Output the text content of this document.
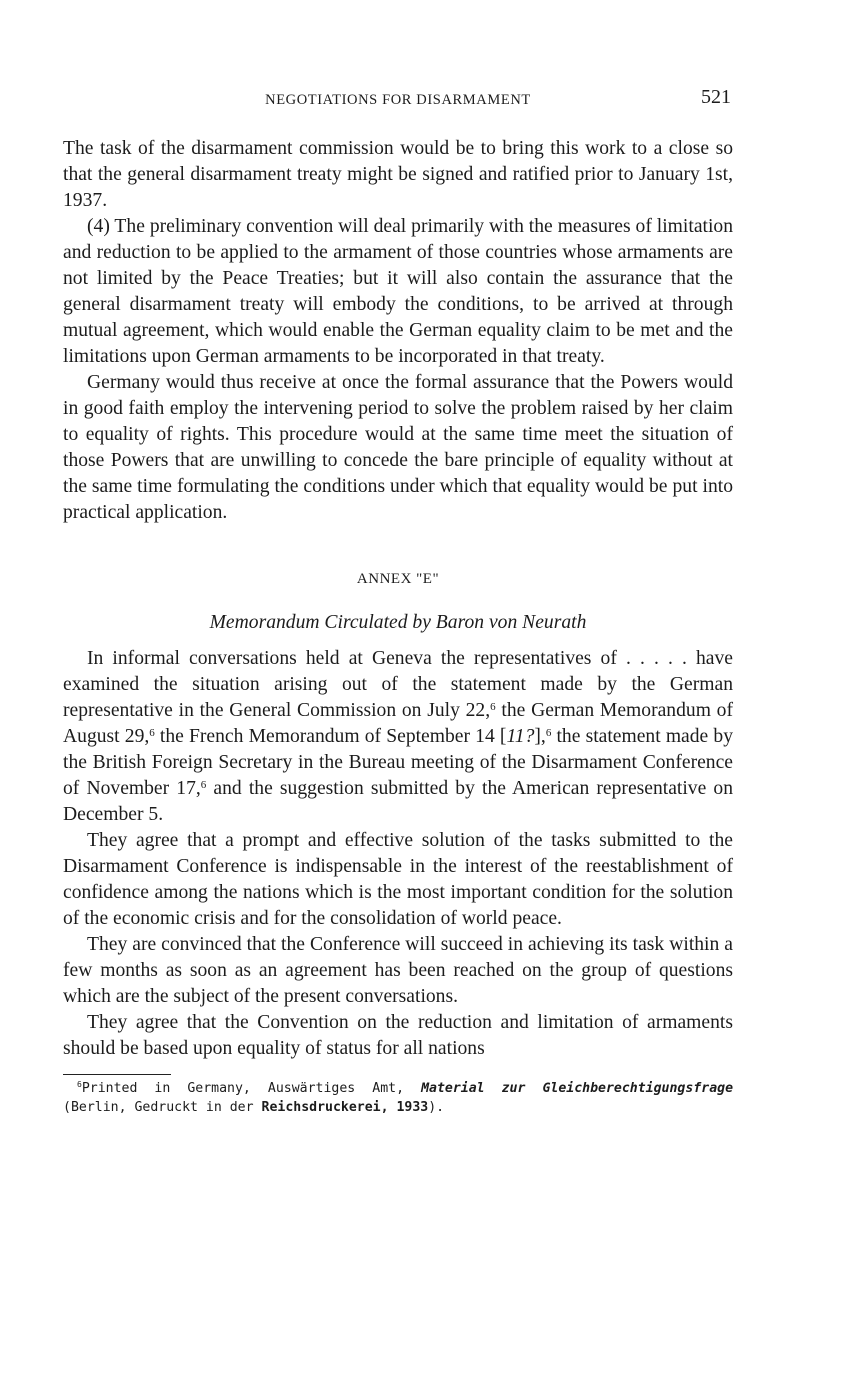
NEGOTIATIONS FOR DISARMAMENT	521

The task of the disarmament commission would be to bring this work to a close so that the general disarmament treaty might be signed and ratified prior to January 1st, 1937.

(4) The preliminary convention will deal primarily with the measures of limitation and reduction to be applied to the armament of those countries whose armaments are not limited by the Peace Treaties; but it will also contain the assurance that the general disarmament treaty will embody the conditions, to be arrived at through mutual agreement, which would enable the German equality claim to be met and the limitations upon German armaments to be incorporated in that treaty.

Germany would thus receive at once the formal assurance that the Powers would in good faith employ the intervening period to solve the problem raised by her claim to equality of rights. This procedure would at the same time meet the situation of those Powers that are unwilling to concede the bare principle of equality without at the same time formulating the conditions under which that equality would be put into practical application.

ANNEX "E"
Memorandum Circulated by Baron von Neurath

In informal conversations held at Geneva the representatives of . . . . . have examined the situation arising out of the statement made by the German representative in the General Commission on July 22,$^6$ the German Memorandum of August 29,$^6$ the French Memorandum of September 14 [11?],$^6$ the statement made by the British Foreign Secretary in the Bureau meeting of the Disarmament Conference of November 17,$^6$ and the suggestion submitted by the American representative on December 5.

They agree that a prompt and effective solution of the tasks submitted to the Disarmament Conference is indispensable in the interest of the reestablishment of confidence among the nations which is the most important condition for the solution of the economic crisis and for the consolidation of world peace.

They are convinced that the Conference will succeed in achieving its task within a few months as soon as an agreement has been reached on the group of questions which are the subject of the present conversations.

They agree that the Convention on the reduction and limitation of armaments should be based upon equality of status for all nations

$^6$Printed in Germany, Auswärtiges Amt, Material zur Gleichberechtigungsfrage (Berlin, Gedruckt in der Reichsdruckerei, 1933).
